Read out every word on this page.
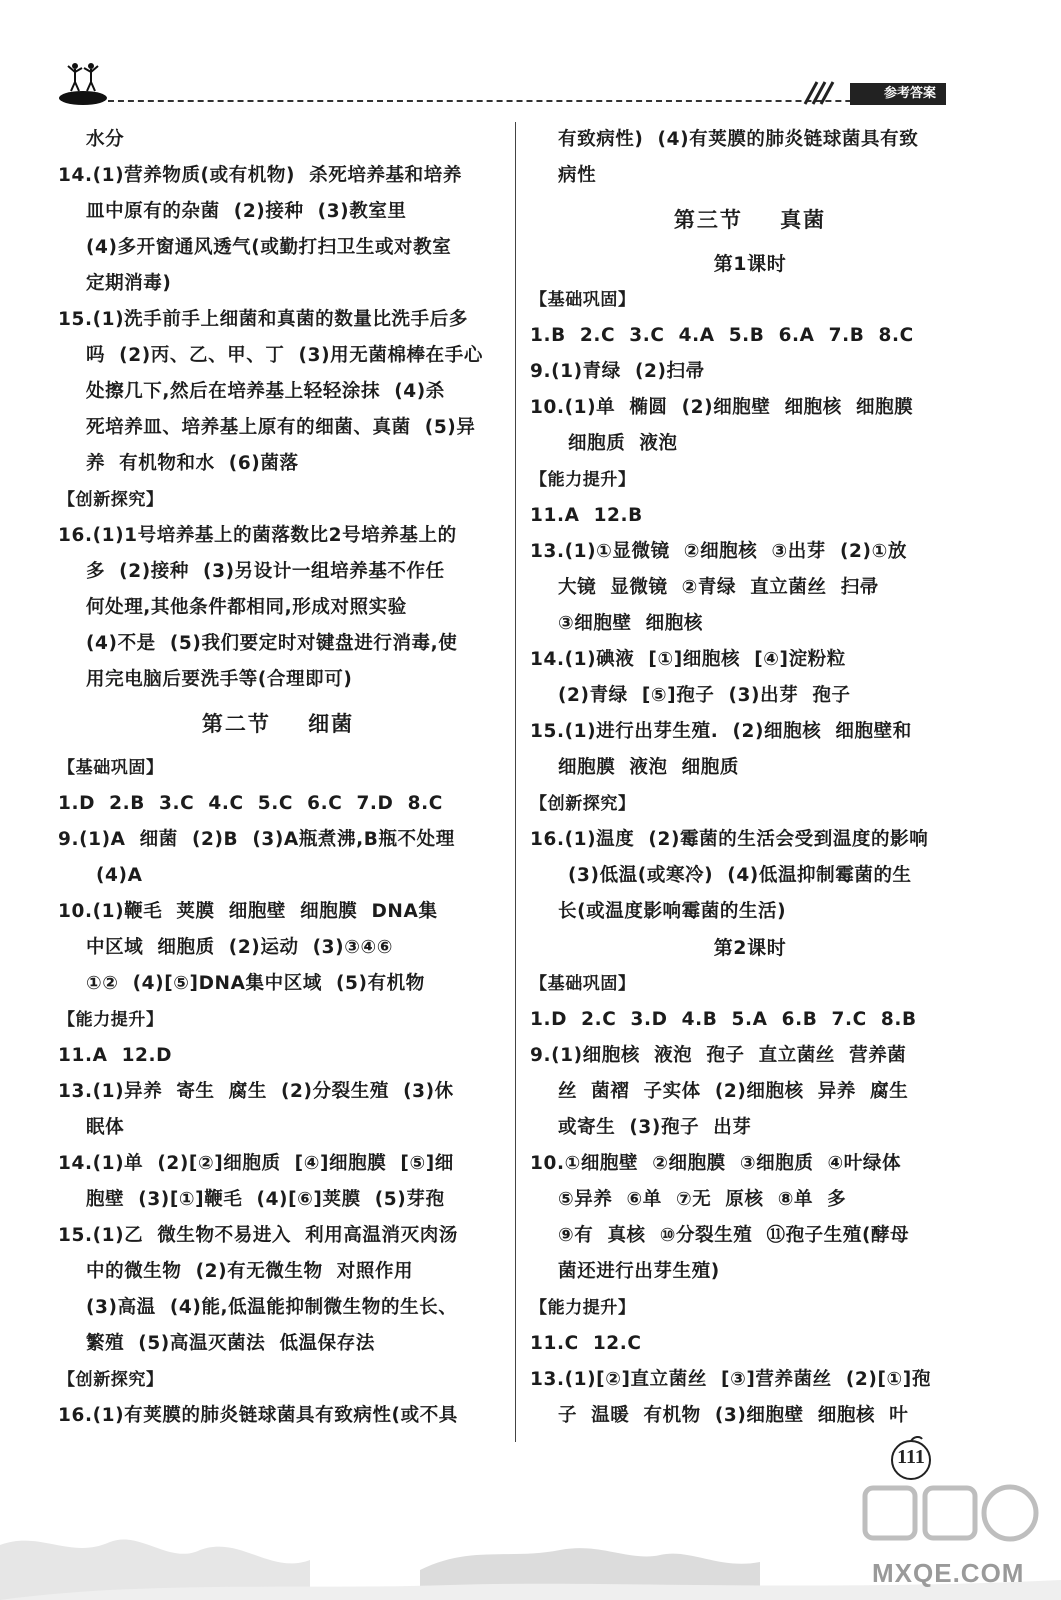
参考答案
水分
14.(1)营养物质(或有机物)  杀死培养基和培养
皿中原有的杂菌  (2)接种  (3)教室里
(4)多开窗通风透气(或勤打扫卫生或对教室
定期消毒)
15.(1)洗手前手上细菌和真菌的数量比洗手后多
吗  (2)丙、乙、甲、丁  (3)用无菌棉棒在手心
处擦几下,然后在培养基上轻轻涂抹  (4)杀
死培养皿、培养基上原有的细菌、真菌  (5)异
养  有机物和水  (6)菌落
【创新探究】
16.(1)1号培养基上的菌落数比2号培养基上的
多  (2)接种  (3)另设计一组培养基不作任
何处理,其他条件都相同,形成对照实验
(4)不是  (5)我们要定时对键盘进行消毒,使
用完电脑后要洗手等(合理即可)
第二节    细菌
【基础巩固】
1.D  2.B  3.C  4.C  5.C  6.C  7.D  8.C
9.(1)A  细菌  (2)B  (3)A瓶煮沸,B瓶不处理
(4)A
10.(1)鞭毛  荚膜  细胞壁  细胞膜  DNA集
中区域  细胞质  (2)运动  (3)③④⑥
①②  (4)[⑤]DNA集中区域  (5)有机物
【能力提升】
11.A  12.D
13.(1)异养  寄生  腐生  (2)分裂生殖  (3)休
眠体
14.(1)单  (2)[②]细胞质  [④]细胞膜  [⑤]细
胞壁  (3)[①]鞭毛  (4)[⑥]荚膜  (5)芽孢
15.(1)乙  微生物不易进入  利用高温消灭肉汤
中的微生物  (2)有无微生物  对照作用
(3)高温  (4)能,低温能抑制微生物的生长、
繁殖  (5)高温灭菌法  低温保存法
【创新探究】
16.(1)有荚膜的肺炎链球菌具有致病性(或不具
有致病性)  (4)有荚膜的肺炎链球菌具有致
病性
第三节    真菌
第1课时
【基础巩固】
1.B  2.C  3.C  4.A  5.B  6.A  7.B  8.C
9.(1)青绿  (2)扫帚
10.(1)单  椭圆  (2)细胞壁  细胞核  细胞膜
细胞质  液泡
【能力提升】
11.A  12.B
13.(1)①显微镜  ②细胞核  ③出芽  (2)①放
大镜  显微镜  ②青绿  直立菌丝  扫帚
③细胞壁  细胞核
14.(1)碘液  [①]细胞核  [④]淀粉粒
(2)青绿  [⑤]孢子  (3)出芽  孢子
15.(1)进行出芽生殖.  (2)细胞核  细胞壁和
细胞膜  液泡  细胞质
【创新探究】
16.(1)温度  (2)霉菌的生活会受到温度的影响
(3)低温(或寒冷)  (4)低温抑制霉菌的生
长(或温度影响霉菌的生活)
第2课时
【基础巩固】
1.D  2.C  3.D  4.B  5.A  6.B  7.C  8.B
9.(1)细胞核  液泡  孢子  直立菌丝  营养菌
丝  菌褶  子实体  (2)细胞核  异养  腐生
或寄生  (3)孢子  出芽
10.①细胞壁  ②细胞膜  ③细胞质  ④叶绿体
⑤异养  ⑥单  ⑦无  原核  ⑧单  多
⑨有  真核  ⑩分裂生殖  ⑪孢子生殖(酵母
菌还进行出芽生殖)
【能力提升】
11.C  12.C
13.(1)[②]直立菌丝  [③]营养菌丝  (2)[①]孢
子  温暖  有机物  (3)细胞壁  细胞核  叶
111
MXQE.COM
